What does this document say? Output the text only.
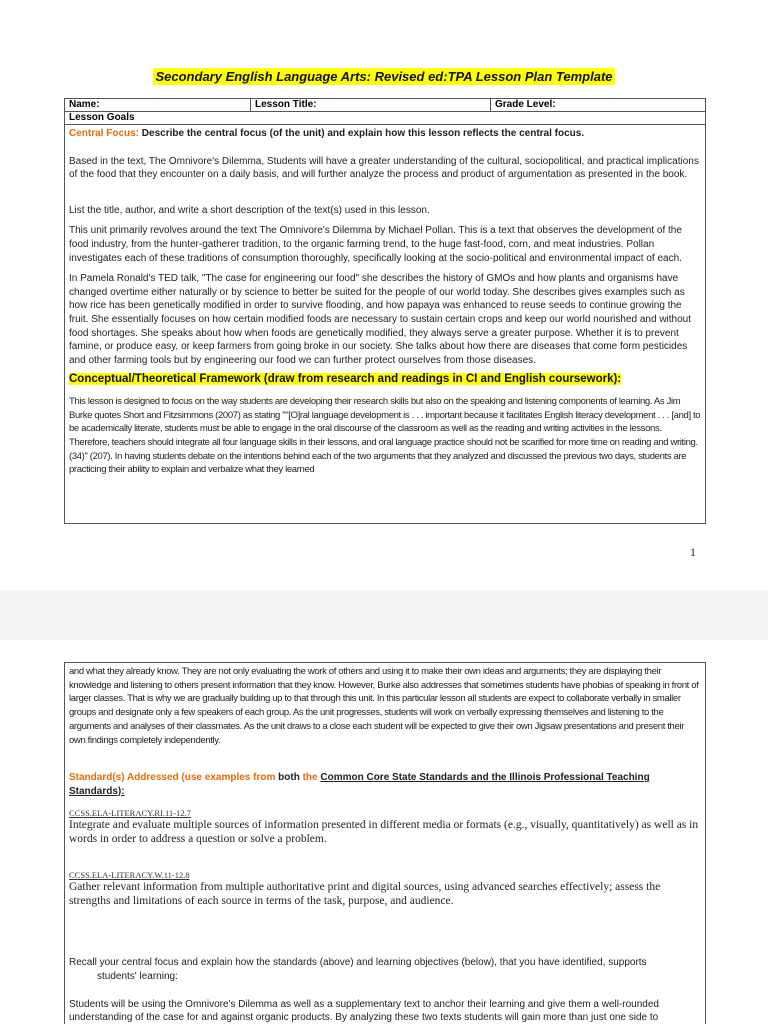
Secondary English Language Arts: Revised ed:TPA Lesson Plan Template
Name:	Lesson Title:	Grade Level:
Lesson Goals

Central Focus: Describe the central focus (of the unit) and explain how this lesson reflects the central focus.

Based in the text, The Omnivore's Dilemma, Students will have a greater understanding of the cultural, sociopolitical, and practical implications of the food that they encounter on a daily basis, and will further analyze the process and product of argumentation as presented in the book.

List the title, author, and write a short description of the text(s) used in this lesson.

This unit primarily revolves around the text The Omnivore's Dilemma by Michael Pollan. This is a text that observes the development of the food industry, from the hunter-gatherer tradition, to the organic farming trend, to the huge fast-food, corn, and meat industries. Pollan investigates each of these traditions of consumption thoroughly, specifically looking at the socio-political and environmental impact of each.

In Pamela Ronald's TED talk, "The case for engineering our food" she describes the history of GMOs and how plants and organisms have changed overtime either naturally or by science to better be suited for the people of our world today. She describes gives examples such as how rice has been genetically modified in order to survive flooding, and how papaya was enhanced to reuse seeds to continue growing the fruit. She essentially focuses on how certain modified foods are necessary to sustain certain crops and keep our world nourished and without food shortages. She speaks about how when foods are genetically modified, they always serve a greater purpose. Whether it is to prevent famine, or produce easy, or keep farmers from going broke in our society. She talks about how there are diseases that come form pesticides and other farming tools but by engineering our food we can further protect ourselves from those diseases.

Conceptual/Theoretical Framework (draw from research and readings in CI and English coursework):

This lesson is designed to focus on the way students are developing their research skills but also on the speaking and listening components of learning. As Jim Burke quotes Short and Fitzsimmons (2007) as stating ""[O]ral language development is . . . important because it facilitates English literacy development . . . [and] to be academically literate, students must be able to engage in the oral discourse of the classroom as well as the reading and writing activities in the lessons. Therefore, teachers should integrate all four language skills in their lessons, and oral language practice should not be scarified for more time on reading and writing. (34)" (207). In having students debate on the intentions behind each of the two arguments that they analyzed and discussed the previous two days, students are practicing their ability to explain and verbalize what they learned

1

and what they already know. They are not only evaluating the work of others and using it to make their own ideas and arguments; they are displaying their knowledge and listening to others present information that they know. However, Burke also addresses that sometimes students have phobias of speaking in front of larger classes. That is why we are gradually building up to that through this unit. In this particular lesson all students are expect to collaborate verbally in smaller groups and designate only a few speakers of each group. As the unit progresses, students will work on verbally expressing themselves and listening to the arguments and analyses of their classmates. As the unit draws to a close each student will be expected to give their own Jigsaw presentations and present their own findings completely independently.

Standard(s) Addressed (use examples from both the Common Core State Standards and the Illinois Professional Teaching Standards):

CCSS.ELA-LITERACY.RI.11-12.7
Integrate and evaluate multiple sources of information presented in different media or formats (e.g., visually, quantitatively) as well as in words in order to address a question or solve a problem.
CCSS.ELA-LITERACY.W.11-12.8
Gather relevant information from multiple authoritative print and digital sources, using advanced searches effectively; assess the strengths and limitations of each source in terms of the task, purpose, and audience.

Recall your central focus and explain how the standards (above) and learning objectives (below), that you have identified, supports
students' learning:

Students will be using the Omnivore's Dilemma as well as a supplementary text to anchor their learning and give them a well-rounded understanding of the case for and against organic products. By analyzing these two texts students will gain more than just one side to
